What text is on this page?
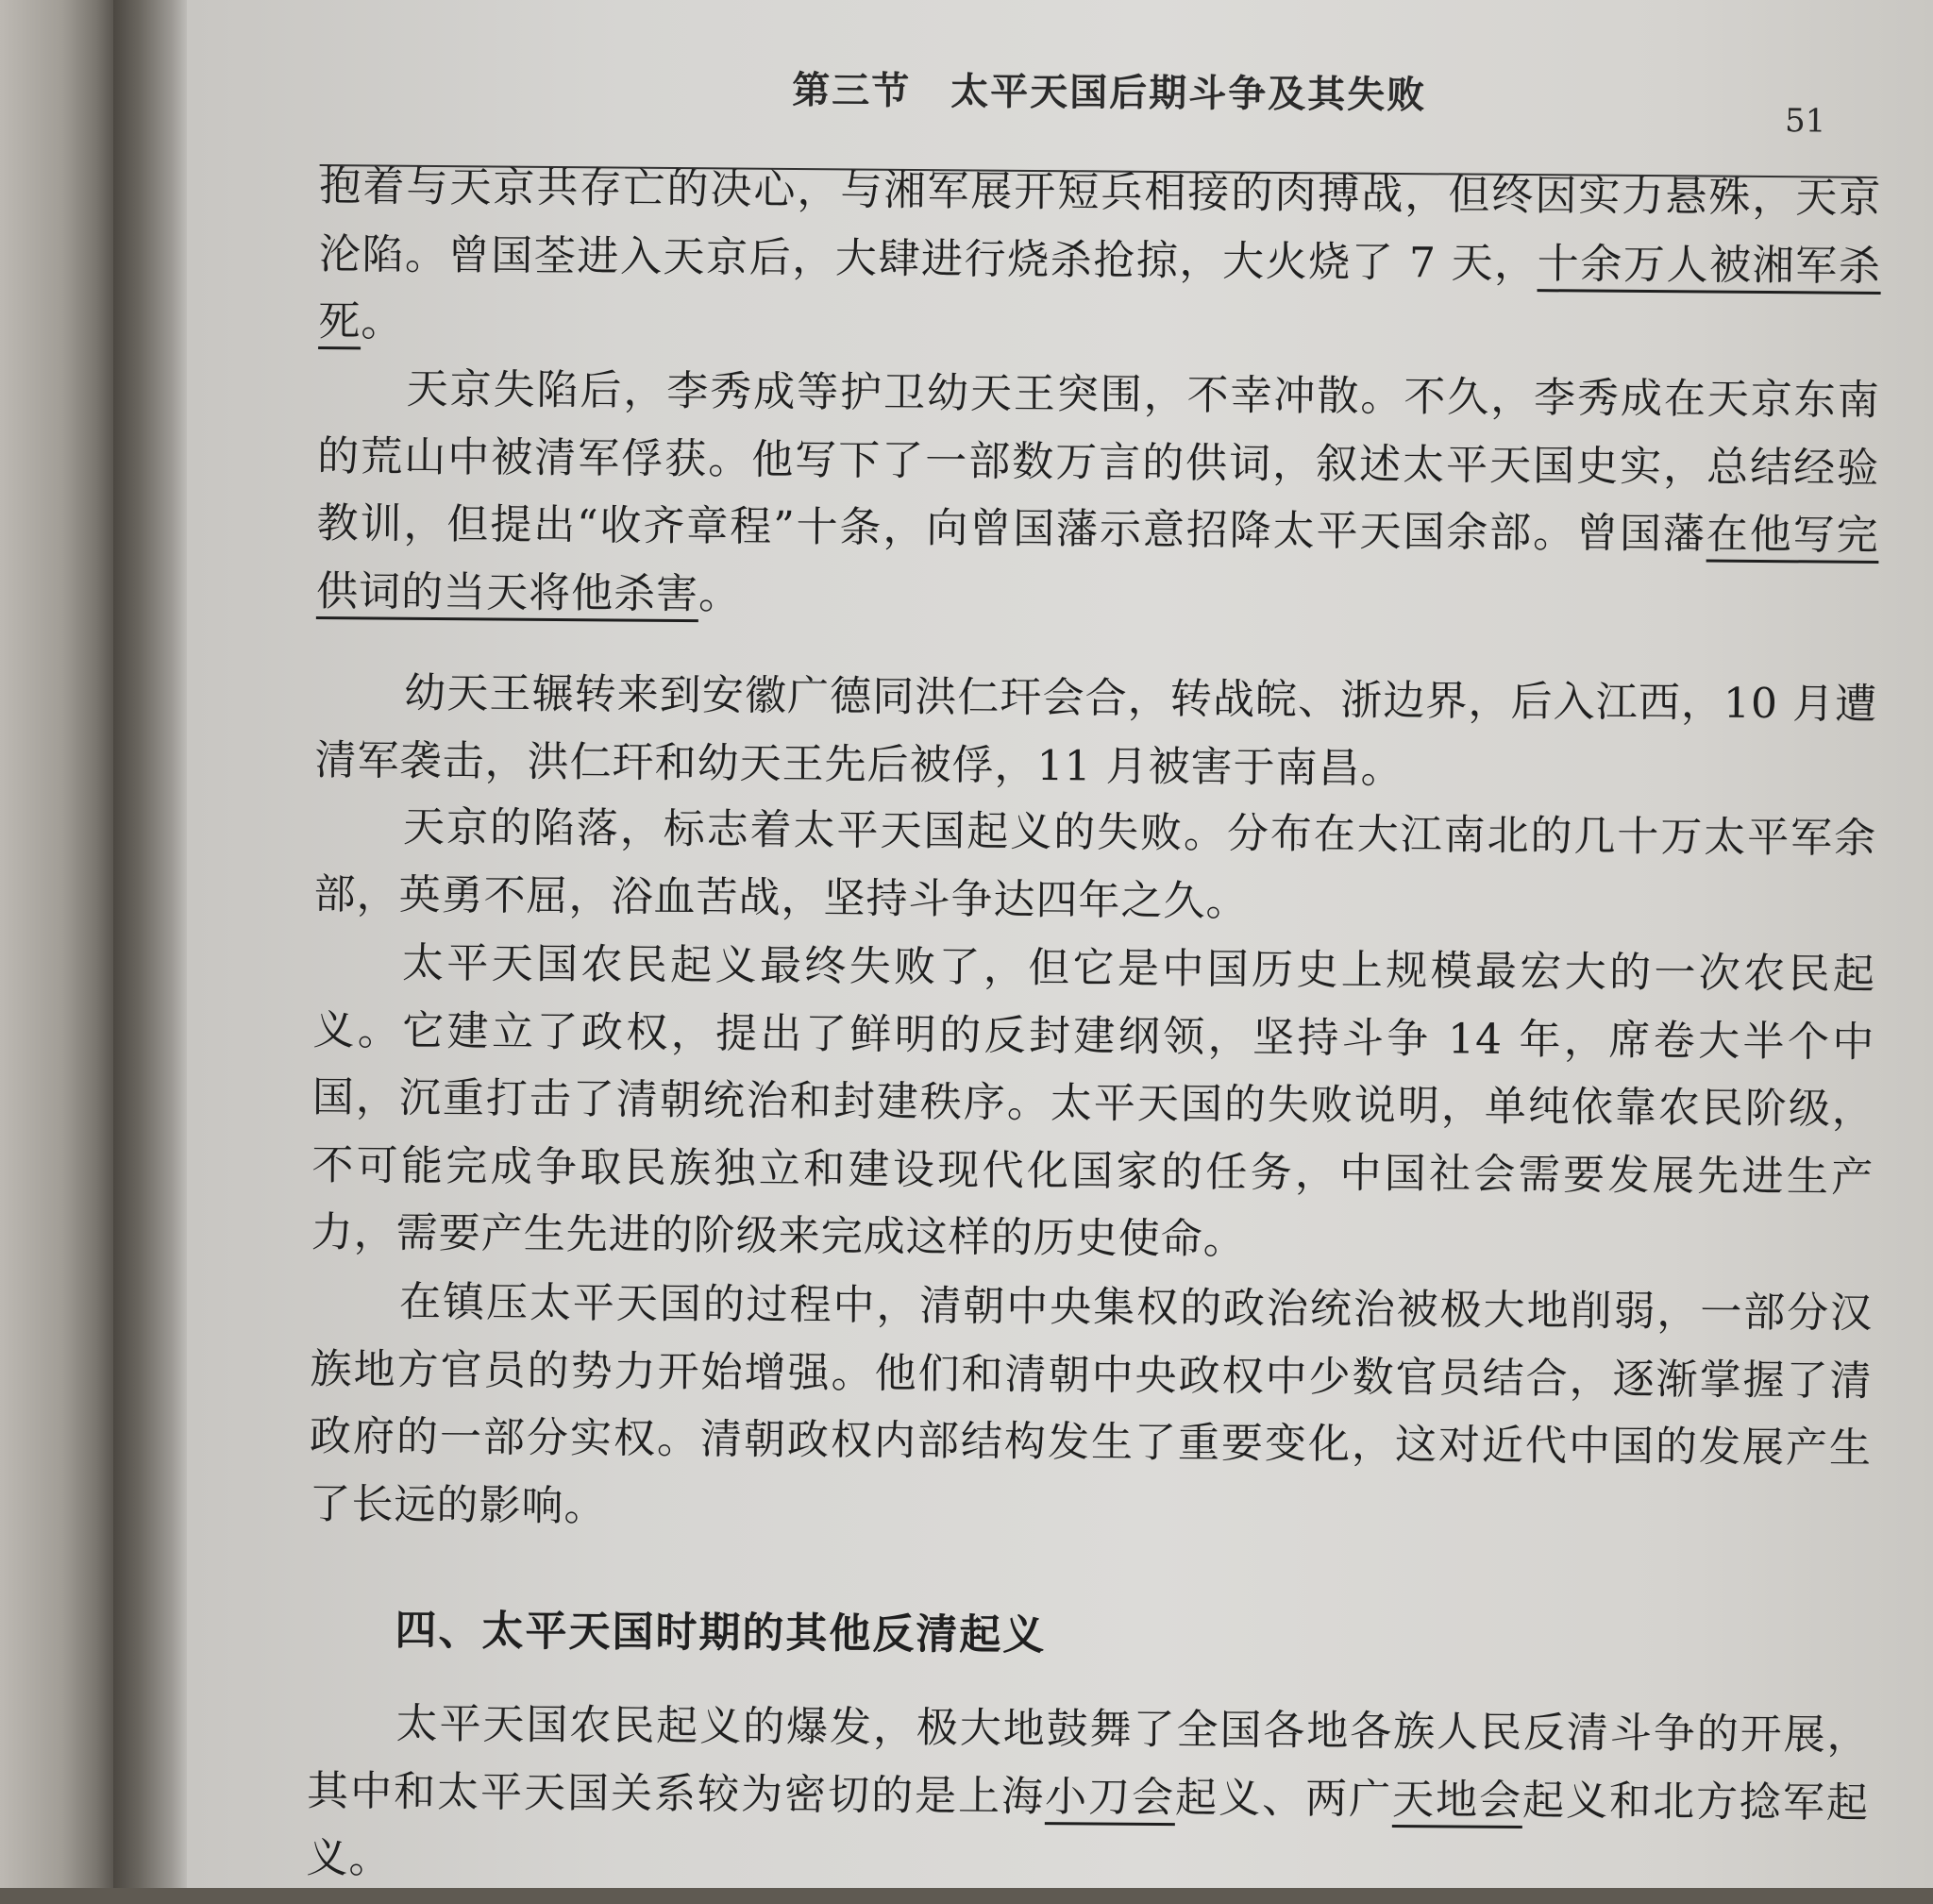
第三节　太平天国后期斗争及其失败
51

抱着与天京共存亡的决心，与湘军展开短兵相接的肉搏战，但终因实力悬殊，天京沦陷。曾国荃进入天京后，大肆进行烧杀抢掠，大火烧了 7 天，十余万人被湘军杀死。

天京失陷后，李秀成等护卫幼天王突围，不幸冲散。不久，李秀成在天京东南的荒山中被清军俘获。他写下了一部数万言的供词，叙述太平天国史实，总结经验教训，但提出“收齐章程”十条，向曾国藩示意招降太平天国余部。曾国藩在他写完供词的当天将他杀害。

幼天王辗转来到安徽广德同洪仁玕会合，转战皖、浙边界，后入江西，10 月遭清军袭击，洪仁玕和幼天王先后被俘，11 月被害于南昌。

天京的陷落，标志着太平天国起义的失败。分布在大江南北的几十万太平军余部，英勇不屈，浴血苦战，坚持斗争达四年之久。

太平天国农民起义最终失败了，但它是中国历史上规模最宏大的一次农民起义。它建立了政权，提出了鲜明的反封建纲领，坚持斗争 14 年，席卷大半个中国，沉重打击了清朝统治和封建秩序。太平天国的失败说明，单纯依靠农民阶级，不可能完成争取民族独立和建设现代化国家的任务，中国社会需要发展先进生产力，需要产生先进的阶级来完成这样的历史使命。

在镇压太平天国的过程中，清朝中央集权的政治统治被极大地削弱，一部分汉族地方官员的势力开始增强。他们和清朝中央政权中少数官员结合，逐渐掌握了清政府的一部分实权。清朝政权内部结构发生了重要变化，这对近代中国的发展产生了长远的影响。

四、太平天国时期的其他反清起义

太平天国农民起义的爆发，极大地鼓舞了全国各地各族人民反清斗争的开展，其中和太平天国关系较为密切的是上海小刀会起义、两广天地会起义和北方捻军起义。
